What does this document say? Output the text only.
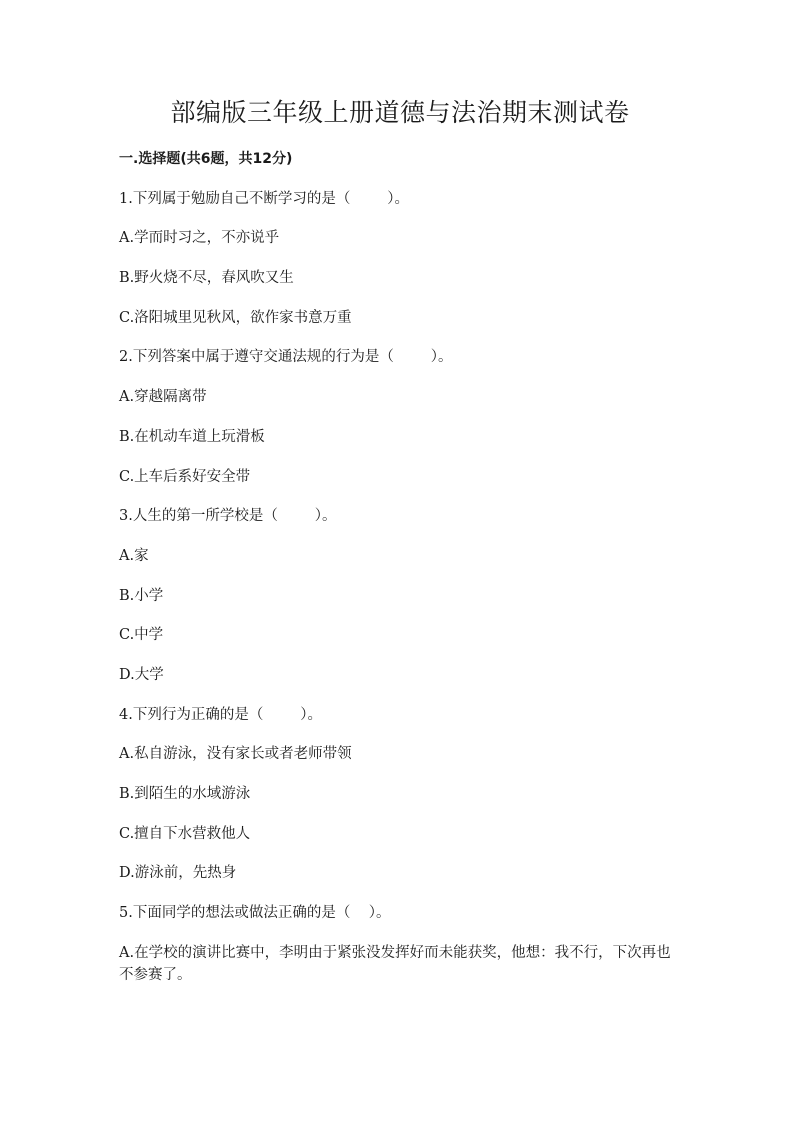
部编版三年级上册道德与法治期末测试卷
一.选择题(共6题，共12分)
1.下列属于勉励自己不断学习的是（        ）。
A.学而时习之，不亦说乎
B.野火烧不尽，春风吹又生
C.洛阳城里见秋风，欲作家书意万重
2.下列答案中属于遵守交通法规的行为是（        ）。
A.穿越隔离带
B.在机动车道上玩滑板
C.上车后系好安全带
3.人生的第一所学校是（        ）。
A.家
B.小学
C.中学
D.大学
4.下列行为正确的是（        ）。
A.私自游泳，没有家长或者老师带领
B.到陌生的水域游泳
C.擅自下水营救他人
D.游泳前，先热身
5.下面同学的想法或做法正确的是（    ）。
A.在学校的演讲比赛中，李明由于紧张没发挥好而未能获奖，他想：我不行，下次再也不参赛了。
